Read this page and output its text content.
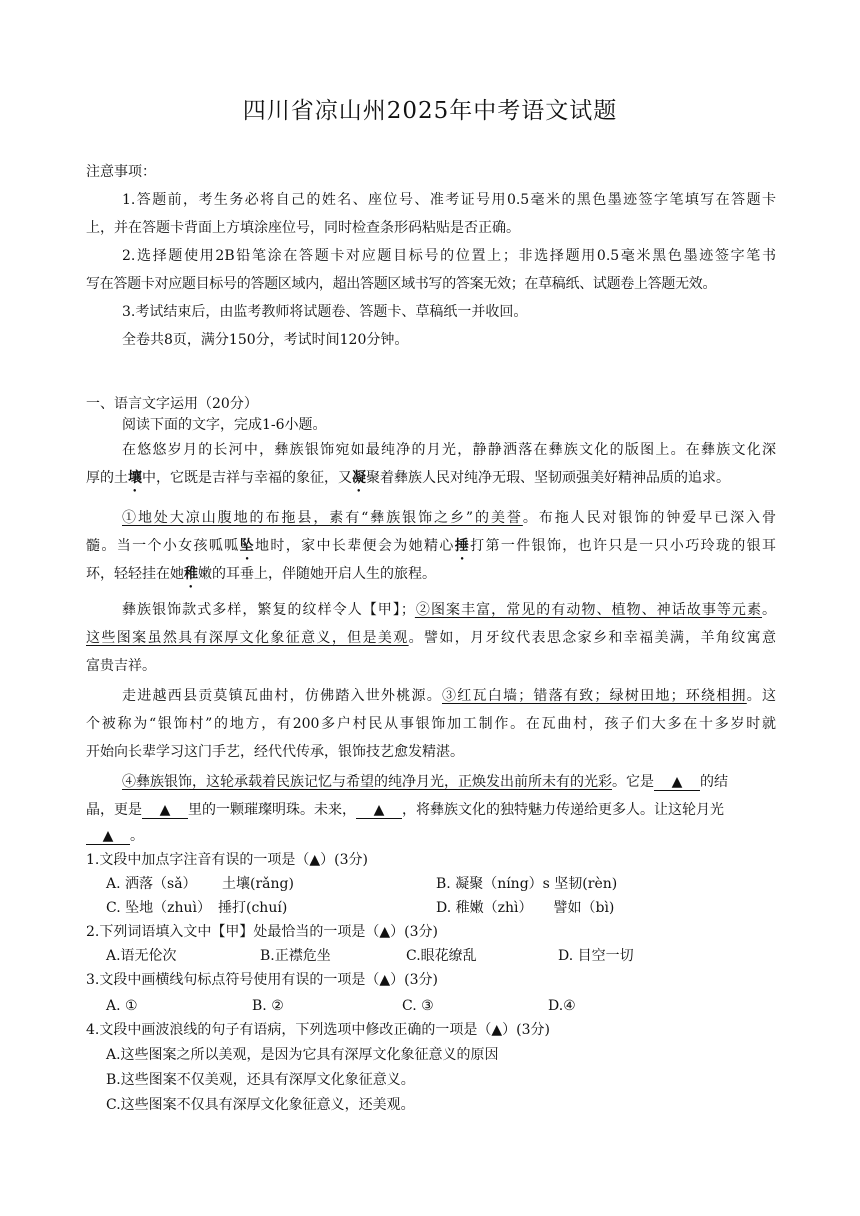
四川省凉山州2025年中考语文试题
注意事项：
1.答题前，考生务必将自己的姓名、座位号、准考证号用0.5毫米的黑色墨迹签字笔填写在答题卡
上，并在答题卡背面上方填涂座位号，同时检查条形码粘贴是否正确。
2.选择题使用2B铅笔涂在答题卡对应题目标号的位置上；非选择题用0.5毫米黑色墨迹签字笔书
写在答题卡对应题目标号的答题区域内，超出答题区域书写的答案无效；在草稿纸、试题卷上答题无效。
3.考试结束后，由监考教师将试题卷、答题卡、草稿纸一并收回。
全卷共8页，满分150分，考试时间120分钟。
一、语言文字运用（20分）
阅读下面的文字，完成1-6小题。
在悠悠岁月的长河中，彝族银饰宛如最纯净的月光，静静洒落在彝族文化的版图上。在彝族文化深
厚的土壤中，它既是吉祥与幸福的象征，又凝聚着彝族人民对纯净无瑕、坚韧顽强美好精神品质的追求。
①地处大凉山腹地的布拖县，素有“彝族银饰之乡”的美誉。布拖人民对银饰的钟爱早已深入骨
髓。当一个小女孩呱呱坠地时，家中长辈便会为她精心捶打第一件银饰，也许只是一只小巧玲珑的银耳
环，轻轻挂在她稚嫩的耳垂上，伴随她开启人生的旅程。
彝族银饰款式多样，繁复的纹样令人【甲】；②图案丰富，常见的有动物、植物、神话故事等元素。
这些图案虽然具有深厚文化象征意义，但是美观。譬如，月牙纹代表思念家乡和幸福美满，羊角纹寓意
富贵吉祥。
走进越西县贡莫镇瓦曲村，仿佛踏入世外桃源。③红瓦白墙；错落有致；绿树田地；环绕相拥。这
个被称为“银饰村”的地方，有200多户村民从事银饰加工制作。在瓦曲村，孩子们大多在十多岁时就
开始向长辈学习这门手艺，经代代传承，银饰技艺愈发精湛。
④彝族银饰，这轮承载着民族记忆与希望的纯净月光，正焕发出前所未有的光彩。它是 ▲ 的结
晶，更是 ▲ 里的一颗璀璨明珠。未来， ▲ ，将彝族文化的独特魅力传递给更多人。让这轮月光
▲ 。
1.文段中加点字注音有误的一项是（▲）(3分)
A. 洒落（sǎ）　　 土壤(rǎng)	B. 凝聚（níng）s 坚韧(rèn)
C. 坠地（zhuì）　捶打(chuí)	D. 稚嫩（zhì）　　譬如（bì)
2.下列词语填入文中【甲】处最恰当的一项是（▲）(3分)
A.语无伦次	B.正襟危坐	C.眼花缭乱	D. 目空一切
3.文段中画横线句标点符号使用有误的一项是（▲）(3分)
A. ①	B. ②	C. ③	D.④
4.文段中画波浪线的句子有语病，下列选项中修改正确的一项是（▲）(3分)
A.这些图案之所以美观，是因为它具有深厚文化象征意义的原因
B.这些图案不仅美观，还具有深厚文化象征意义。
C.这些图案不仅具有深厚文化象征意义，还美观。
